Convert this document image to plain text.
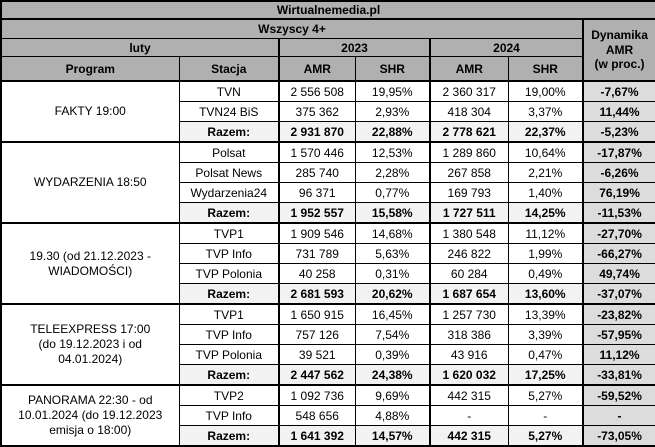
Wirtualnemedia.pl						
Wszyscy 4+						Dynamika
AMR
(w proc.)

luty		2023		2024		
Program	Stacja	AMR	SHR	AMR	SHR	

FAKTY 19:00	TVN	2 556 508	19,95%	2 360 317	19,00%	-7,67%
	TVN24 BiS	375 362	2,93%	418 304	3,37%	11,44%
	Razem:	2 931 870	22,88%	2 778 621	22,37%	-5,23%

WYDARZENIA 18:50	Polsat	1 570 446	12,53%	1 289 860	10,64%	-17,87%
	Polsat News	285 740	2,28%	267 858	2,21%	-6,26%
	Wydarzenia24	96 371	0,77%	169 793	1,40%	76,19%
	Razem:	1 952 557	15,58%	1 727 511	14,25%	-11,53%

19.30 (od 21.12.2023 -
WIADOMOŚCI)	TVP1	1 909 546	14,68%	1 380 548	11,12%	-27,70%
	TVP Info	731 789	5,63%	246 822	1,99%	-66,27%
	TVP Polonia	40 258	0,31%	60 284	0,49%	49,74%
	Razem:	2 681 593	20,62%	1 687 654	13,60%	-37,07%

TELEEXPRESS 17:00
(do 19.12.2023 i od
04.01.2024)	TVP1	1 650 915	16,45%	1 257 730	13,39%	-23,82%
	TVP Info	757 126	7,54%	318 386	3,39%	-57,95%
	TVP Polonia	39 521	0,39%	43 916	0,47%	11,12%
	Razem:	2 447 562	24,38%	1 620 032	17,25%	-33,81%

PANORAMA 22:30 - od
10.01.2024 (do 19.12.2023
emisja o 18:00)	TVP2	1 092 736	9,69%	442 315	5,27%	-59,52%
	TVP Info	548 656	4,88%	-	-	-
	Razem:	1 641 392	14,57%	442 315	5,27%	-73,05%
